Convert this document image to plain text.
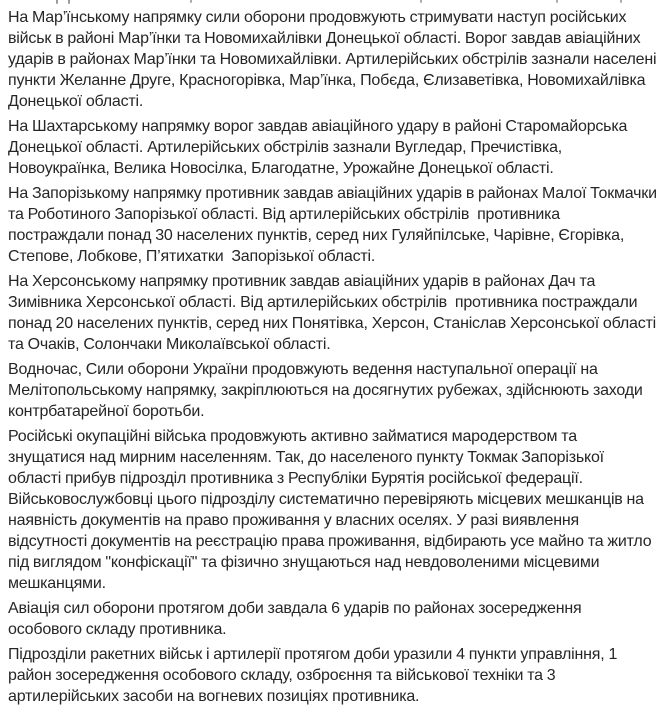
На Мар’їнському напрямку сили оборони продовжують стримувати наступ російських військ в районі Мар’їнки та Новомихайлівки Донецької області. Ворог завдав авіаційних ударів в районах Мар’їнки та Новомихайлівки. Артилерійських обстрілів зазнали населені пункти Желанне Друге, Красногорівка, Мар’їнка, Побєда, Єлизаветівка, Новомихайлівка Донецької області.

На Шахтарському напрямку ворог завдав авіаційного удару в районі Старомайорська Донецької області. Артилерійських обстрілів зазнали Вугледар, Пречистівка, Новоукраїнка, Велика Новосілка, Благодатне, Урожайне Донецької області.

На Запорізькому напрямку противник завдав авіаційних ударів в районах Малої Токмачки та Роботиного Запорізької області. Від артилерійських обстрілів  противника постраждали понад 30 населених пунктів, серед них Гуляйпілське, Чарівне, Єгорівка, Степове, Лобкове, П’ятихатки  Запорізької області.

На Херсонському напрямку противник завдав авіаційних ударів в районах Дач та Зимівника Херсонської області. Від артилерійських обстрілів  противника постраждали понад 20 населених пунктів, серед них Понятівка, Херсон, Станіслав Херсонської області та Очаків, Солончаки Миколаївської області.

Водночас, Сили оборони України продовжують ведення наступальної операції на Мелітопольському напрямку, закріплюються на досягнутих рубежах, здійснюють заходи контрбатарейної боротьби.

Російські окупаційні війська продовжують активно займатися мародерством та знущатися над мирним населенням. Так, до населеного пункту Токмак Запорізької області прибув підрозділ противника з Республіки Бурятія російської федерації. Військовослужбовці цього підрозділу систематично перевіряють місцевих мешканців на наявність документів на право проживання у власних оселях. У разі виявлення відсутності документів на реєстрацію права проживання, відбирають усе майно та житло під виглядом "конфіскації" та фізично знущаються над невдоволеними місцевими мешканцями.

Авіація сил оборони протягом доби завдала 6 ударів по районах зосередження особового складу противника.

Підрозділи ракетних військ і артилерії протягом доби уразили 4 пункти управління, 1 район зосередження особового складу, озброєння та військової техніки та 3 артилерійських засоби на вогневих позиціях противника.
